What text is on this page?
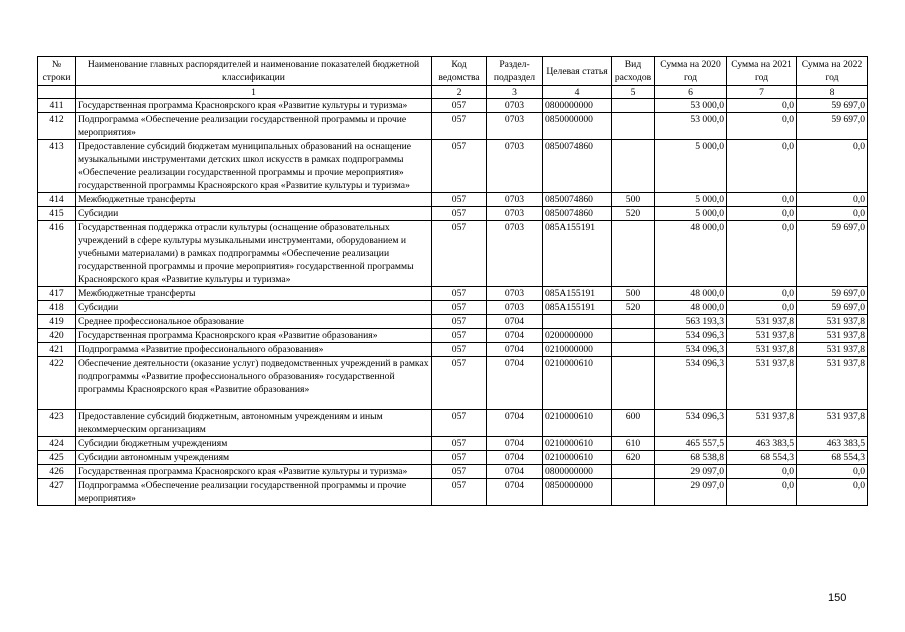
№ строки	Наименование главных распорядителей и наименование показателей бюджетной классификации	Код ведомства	Раздел-подраздел	Целевая статья	Вид расходов	Сумма на 2020 год	Сумма на 2021 год	Сумма на 2022 год
	1	2	3	4	5	6	7	8
411	Государственная программа Красноярского края «Развитие культуры и туризма»	057	0703	0800000000		53 000,0	0,0	59 697,0
412	Подпрограмма «Обеспечение реализации государственной программы и прочие мероприятия»	057	0703	0850000000		53 000,0	0,0	59 697,0
413	Предоставление субсидий бюджетам муниципальных образований на оснащение музыкальными инструментами детских школ искусств в рамках подпрограммы «Обеспечение реализации государственной программы и прочие мероприятия» государственной программы Красноярского края «Развитие культуры и туризма»	057	0703	0850074860		5 000,0	0,0	0,0
414	Межбюджетные трансферты	057	0703	0850074860	500	5 000,0	0,0	0,0
415	Субсидии	057	0703	0850074860	520	5 000,0	0,0	0,0
416	Государственная поддержка отрасли культуры (оснащение образовательных учреждений в сфере культуры музыкальными инструментами, оборудованием и учебными материалами) в рамках подпрограммы «Обеспечение реализации государственной программы и прочие мероприятия» государственной программы Красноярского края «Развитие культуры и туризма»	057	0703	085A155191		48 000,0	0,0	59 697,0
417	Межбюджетные трансферты	057	0703	085A155191	500	48 000,0	0,0	59 697,0
418	Субсидии	057	0703	085A155191	520	48 000,0	0,0	59 697,0
419	Среднее профессиональное образование	057	0704			563 193,3	531 937,8	531 937,8
420	Государственная программа Красноярского края «Развитие образования»	057	0704	0200000000		534 096,3	531 937,8	531 937,8
421	Подпрограмма «Развитие профессионального образования»	057	0704	0210000000		534 096,3	531 937,8	531 937,8
422	Обеспечение деятельности (оказание услуг) подведомственных учреждений в рамках подпрограммы «Развитие профессионального образования» государственной программы Красноярского края «Развитие образования»	057	0704	0210000610		534 096,3	531 937,8	531 937,8
423	Предоставление субсидий бюджетным, автономным учреждениям и иным некоммерческим организациям	057	0704	0210000610	600	534 096,3	531 937,8	531 937,8
424	Субсидии бюджетным учреждениям	057	0704	0210000610	610	465 557,5	463 383,5	463 383,5
425	Субсидии автономным учреждениям	057	0704	0210000610	620	68 538,8	68 554,3	68 554,3
426	Государственная программа Красноярского края «Развитие культуры и туризма»	057	0704	0800000000		29 097,0	0,0	0,0
427	Подпрограмма «Обеспечение реализации государственной программы и прочие мероприятия»	057	0704	0850000000		29 097,0	0,0	0,0
150
